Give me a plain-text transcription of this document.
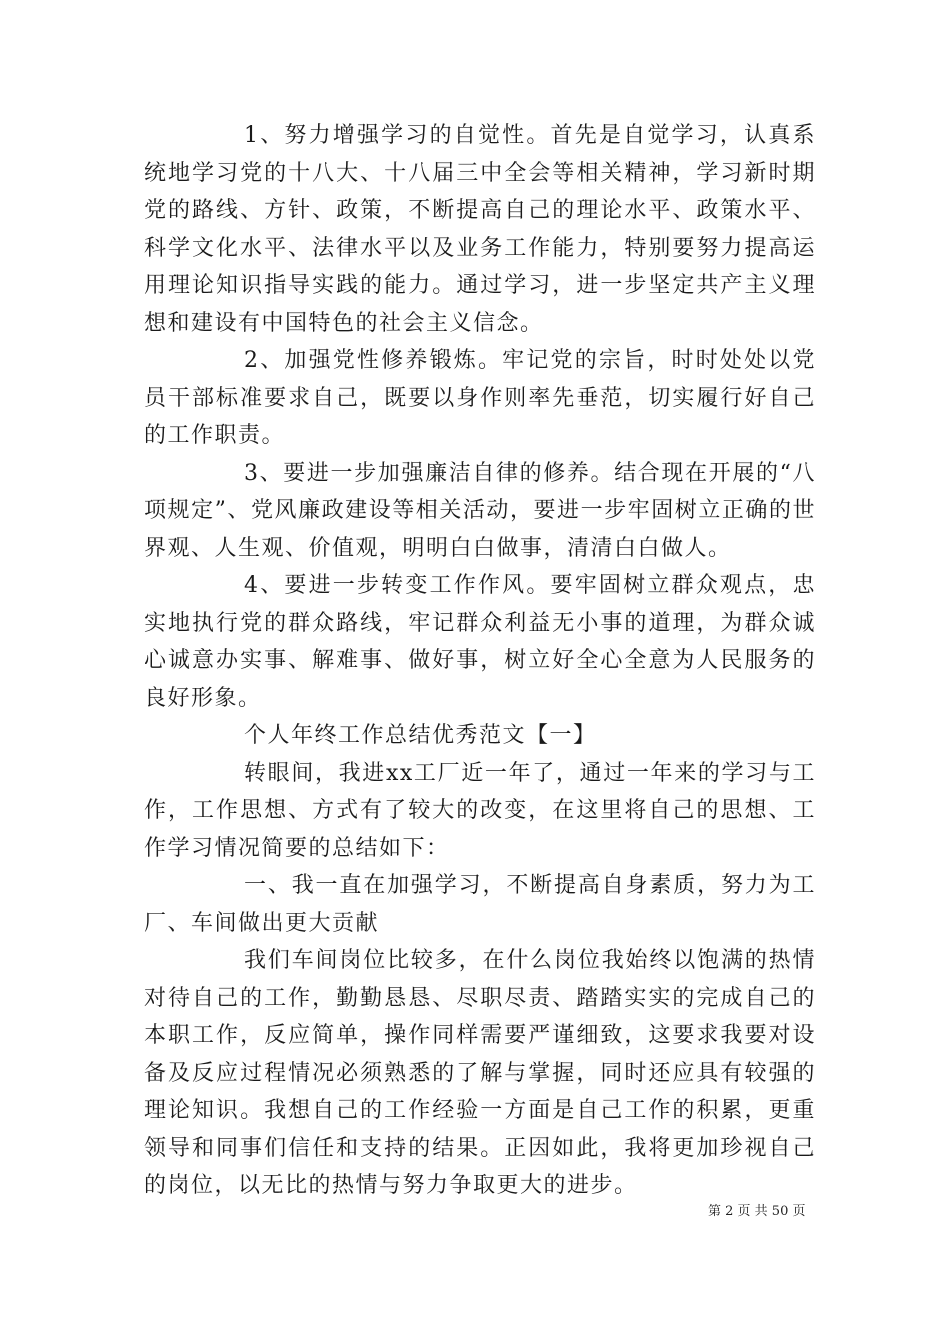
1、努力增强学习的自觉性。首先是自觉学习，认真系统地学习党的十八大、十八届三中全会等相关精神，学习新时期党的路线、方针、政策，不断提高自己的理论水平、政策水平、科学文化水平、法律水平以及业务工作能力，特别要努力提高运用理论知识指导实践的能力。通过学习，进一步坚定共产主义理想和建设有中国特色的社会主义信念。

2、加强党性修养锻炼。牢记党的宗旨，时时处处以党员干部标准要求自己，既要以身作则率先垂范，切实履行好自己的工作职责。

3、要进一步加强廉洁自律的修养。结合现在开展的“八项规定”、党风廉政建设等相关活动，要进一步牢固树立正确的世界观、人生观、价值观，明明白白做事，清清白白做人。

4、要进一步转变工作作风。要牢固树立群众观点，忠实地执行党的群众路线，牢记群众利益无小事的道理，为群众诚心诚意办实事、解难事、做好事，树立好全心全意为人民服务的良好形象。

个人年终工作总结优秀范文【一】

转眼间，我进xx工厂近一年了，通过一年来的学习与工作，工作思想、方式有了较大的改变，在这里将自己的思想、工作学习情况简要的总结如下：

一、我一直在加强学习，不断提高自身素质，努力为工厂、车间做出更大贡献

我们车间岗位比较多，在什么岗位我始终以饱满的热情对待自己的工作，勤勤恳恳、尽职尽责、踏踏实实的完成自己的本职工作，反应简单，操作同样需要严谨细致，这要求我要对设备及反应过程情况必须熟悉的了解与掌握，同时还应具有较强的理论知识。我想自己的工作经验一方面是自己工作的积累，更重领导和同事们信任和支持的结果。正因如此，我将更加珍视自己的岗位，以无比的热情与努力争取更大的进步。

第 2 页 共 50 页
